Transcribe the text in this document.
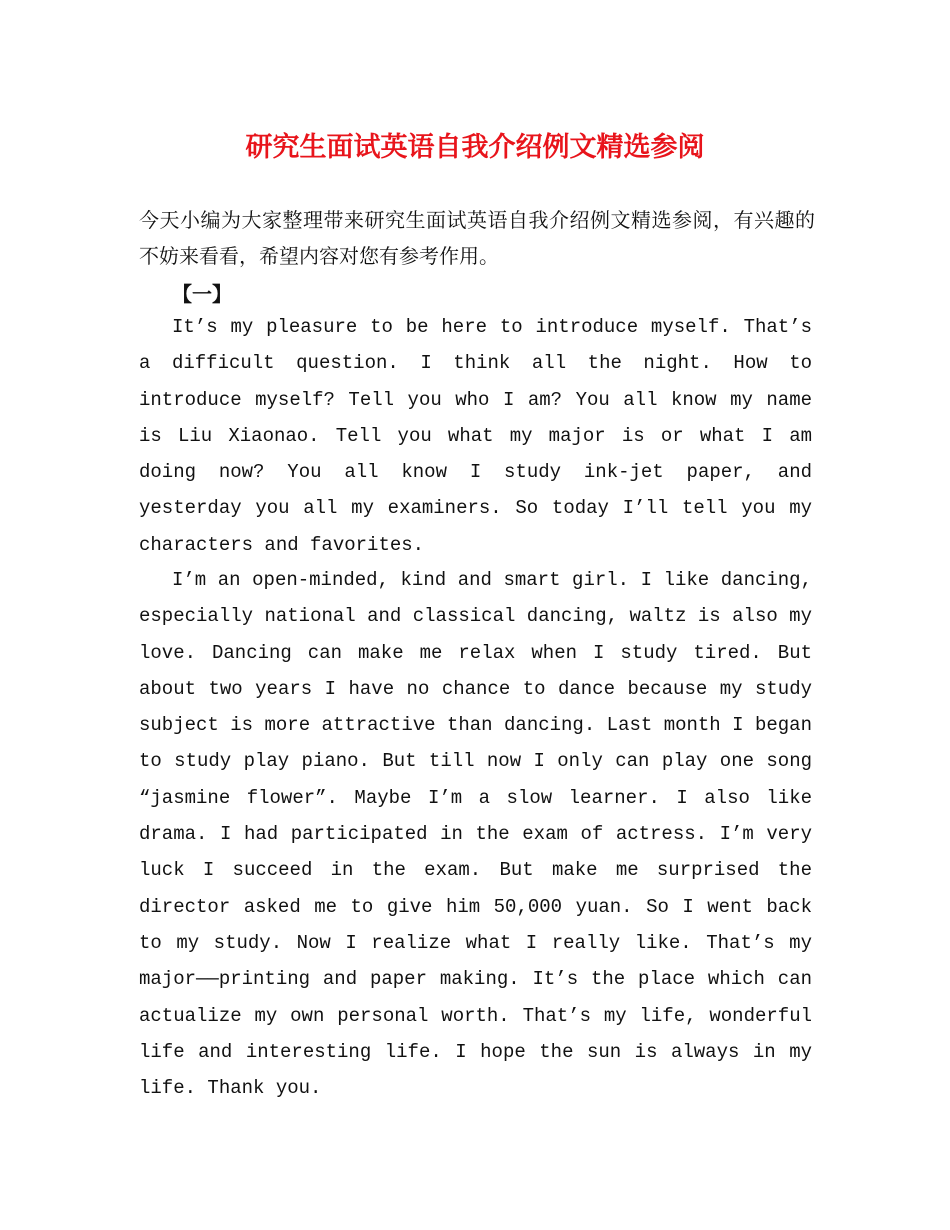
研究生面试英语自我介绍例文精选参阅

今天小编为大家整理带来研究生面试英语自我介绍例文精选参阅，有兴趣的不妨来看看，希望内容对您有参考作用。

【一】

It’s my pleasure to be here to introduce myself. That’s a difficult question. I think all the night. How to introduce myself? Tell you who I am? You all know my name is Liu Xiaonao. Tell you what my major is or what I am doing now? You all know I study ink-jet paper, and yesterday you all my examiners. So today I’ll tell you my characters and favorites.

I’m an open-minded, kind and smart girl. I like dancing, especially national and classical dancing, waltz is also my love. Dancing can make me relax when I study tired. But about two years I have no chance to dance because my study subject is more attractive than dancing. Last month I began to study play piano. But till now I only can play one song “jasmine flower”. Maybe I’m a slow learner. I also like drama. I had participated in the exam of actress. I’m very luck I succeed in the exam. But make me surprised the director asked me to give him 50,000 yuan. So I went back to my study. Now I realize what I really like. That’s my major——printing and paper making. It’s the place which can actualize my own personal worth. That’s my life, wonderful life and interesting life. I hope the sun is always in my life. Thank you.
